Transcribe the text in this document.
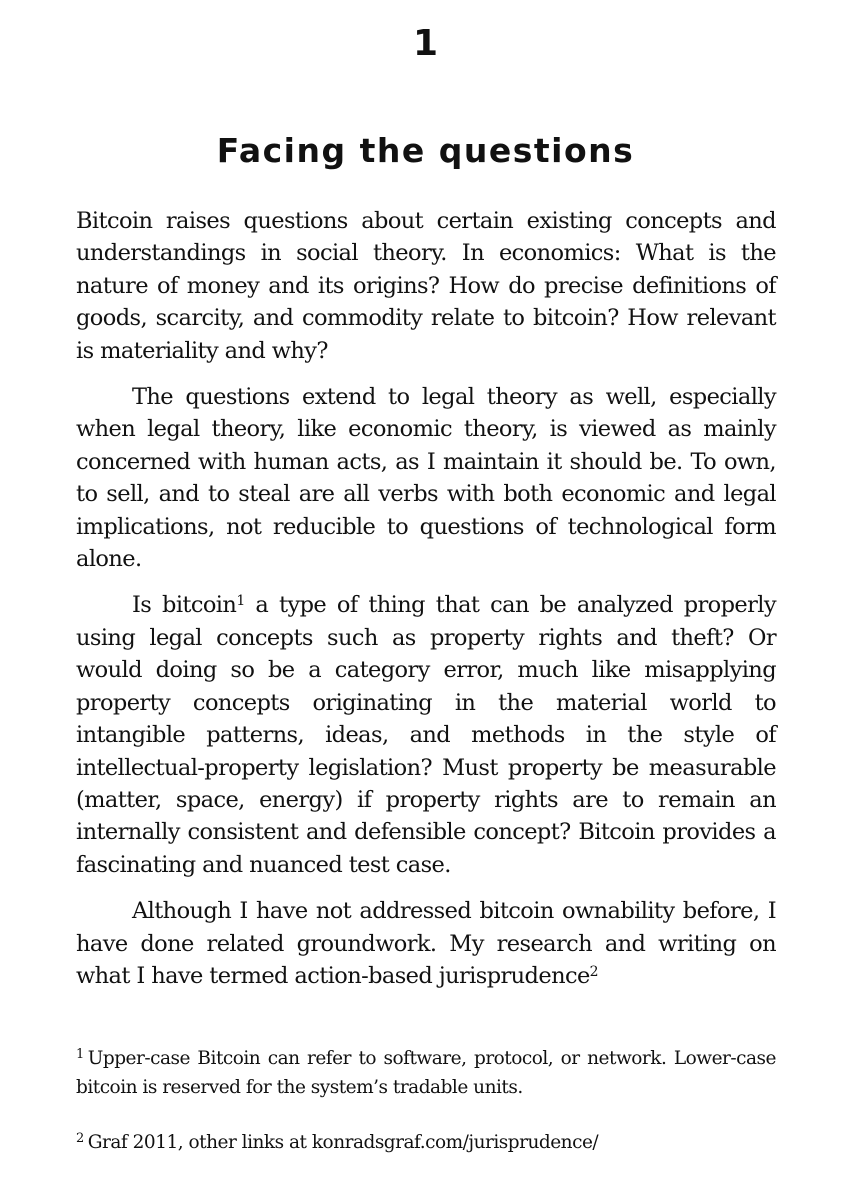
1
Facing the questions

Bitcoin raises questions about certain existing concepts and understandings in social theory. In economics: What is the nature of money and its origins? How do precise definitions of goods, scarcity, and commodity relate to bitcoin? How relevant is materiality and why?

The questions extend to legal theory as well, especially when legal theory, like economic theory, is viewed as mainly concerned with human acts, as I maintain it should be. To own, to sell, and to steal are all verbs with both economic and legal implications, not reducible to questions of technological form alone.

Is bitcoin$^1$ a type of thing that can be analyzed properly using legal concepts such as property rights and theft? Or would doing so be a category error, much like misapplying property concepts originating in the material world to intangible patterns, ideas, and methods in the style of intellectual-property legislation? Must property be measurable (matter, space, energy) if property rights are to remain an internally consistent and defensible concept? Bitcoin provides a fascinating and nuanced test case.

Although I have not addressed bitcoin ownability before, I have done related groundwork. My research and writing on what I have termed action-based jurisprudence$^2$

$^1$ Upper-case Bitcoin can refer to software, protocol, or network. Lower-case bitcoin is reserved for the system’s tradable units.

$^2$ Graf 2011, other links at konradsgraf.com/jurisprudence/
